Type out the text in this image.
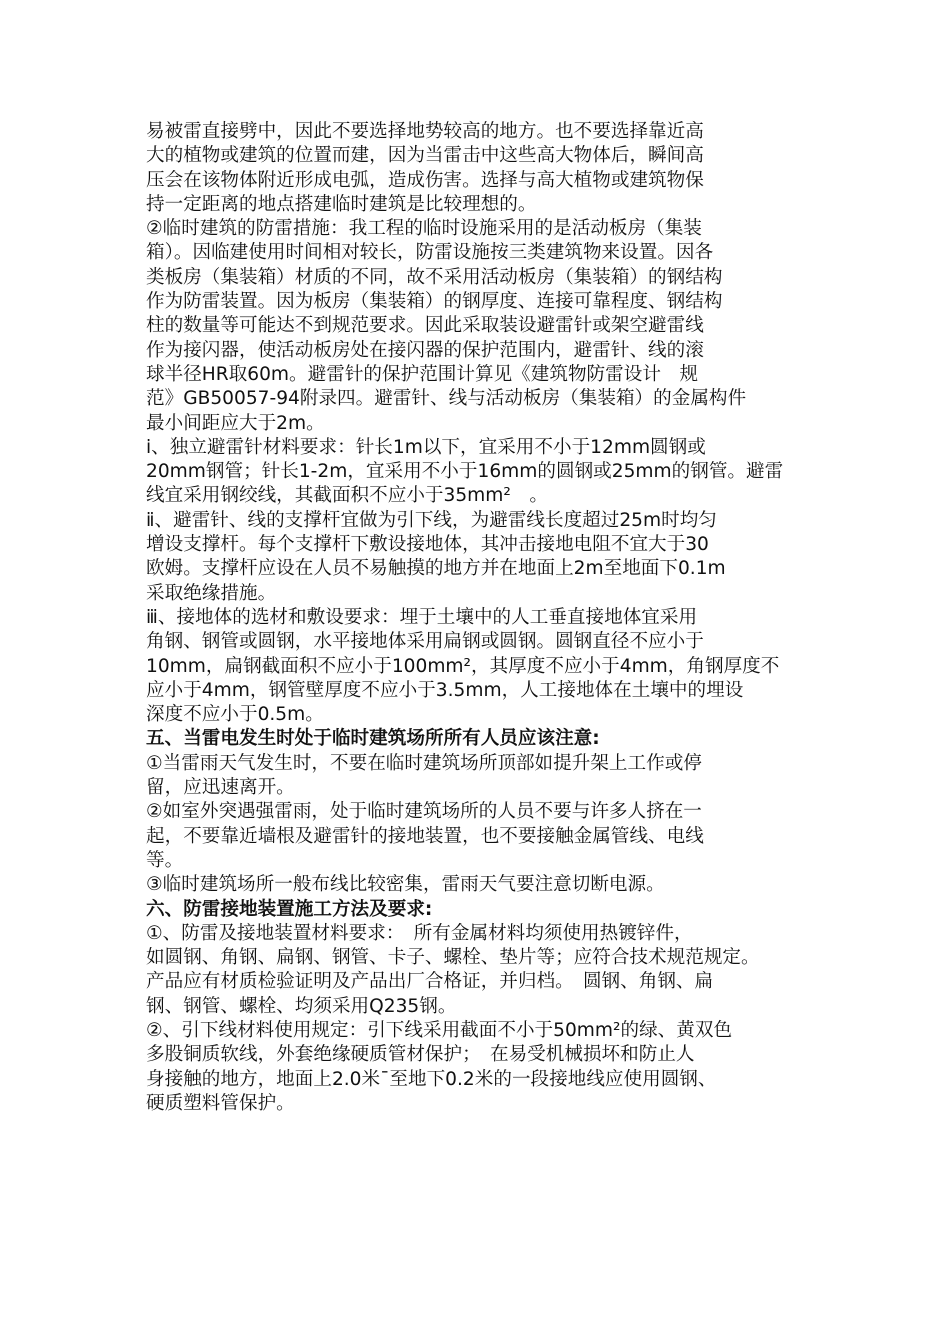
易被雷直接劈中，因此不要选择地势较高的地方。也不要选择靠近高
大的植物或建筑的位置而建，因为当雷击中这些高大物体后，瞬间高
压会在该物体附近形成电弧，造成伤害。选择与高大植物或建筑物保
持一定距离的地点搭建临时建筑是比较理想的。
②临时建筑的防雷措施：我工程的临时设施采用的是活动板房（集装
箱）。因临建使用时间相对较长，防雷设施按三类建筑物来设置。因各
类板房（集装箱）材质的不同，故不采用活动板房（集装箱）的钢结构
作为防雷装置。因为板房（集装箱）的钢厚度、连接可靠程度、钢结构
柱的数量等可能达不到规范要求。因此采取装设避雷针或架空避雷线
作为接闪器，使活动板房处在接闪器的保护范围内，避雷针、线的滚
球半径HR取60m。避雷针的保护范围计算见《建筑物防雷设计　规
范》GB50057-94附录四。避雷针、线与活动板房（集装箱）的金属构件
最小间距应大于2m。
ⅰ、独立避雷针材料要求：针长1m以下，宜采用不小于12mm圆钢或
20mm钢管；针长1-2m，宜采用不小于16mm的圆钢或25mm的钢管。避雷
线宜采用钢绞线，其截面积不应小于35mm²　。
ⅱ、避雷针、线的支撑杆宜做为引下线，为避雷线长度超过25m时均匀
增设支撑杆。每个支撑杆下敷设接地体，其冲击接地电阻不宜大于30
欧姆。支撑杆应设在人员不易触摸的地方并在地面上2m至地面下0.1m
采取绝缘措施。
ⅲ、接地体的选材和敷设要求：埋于土壤中的人工垂直接地体宜采用
角钢、钢管或圆钢，水平接地体采用扁钢或圆钢。圆钢直径不应小于
10mm，扁钢截面积不应小于100mm²，其厚度不应小于4mm，角钢厚度不
应小于4mm，钢管壁厚度不应小于3.5mm，人工接地体在土壤中的埋设
深度不应小于0.5m。
五、当雷电发生时处于临时建筑场所所有人员应该注意:
①当雷雨天气发生时，不要在临时建筑场所顶部如提升架上工作或停
留，应迅速离开。
②如室外突遇强雷雨，处于临时建筑场所的人员不要与许多人挤在一
起，不要靠近墙根及避雷针的接地装置，也不要接触金属管线、电线
等。
③临时建筑场所一般布线比较密集，雷雨天气要注意切断电源。
六、防雷接地装置施工方法及要求:
①、防雷及接地装置材料要求：　所有金属材料均须使用热镀锌件，
如圆钢、角钢、扁钢、钢管、卡子、螺栓、垫片等；应符合技术规范规定。
产品应有材质检验证明及产品出厂合格证，并归档。　圆钢、角钢、扁
钢、钢管、螺栓、均须采用Q235钢。
②、引下线材料使用规定：引下线采用截面不小于50mm²的绿、黄双色
多股铜质软线，外套绝缘硬质管材保护；　在易受机械损坏和防止人
身接触的地方，地面上2.0米¯至地下0.2米的一段接地线应使用圆钢、
硬质塑料管保护。
